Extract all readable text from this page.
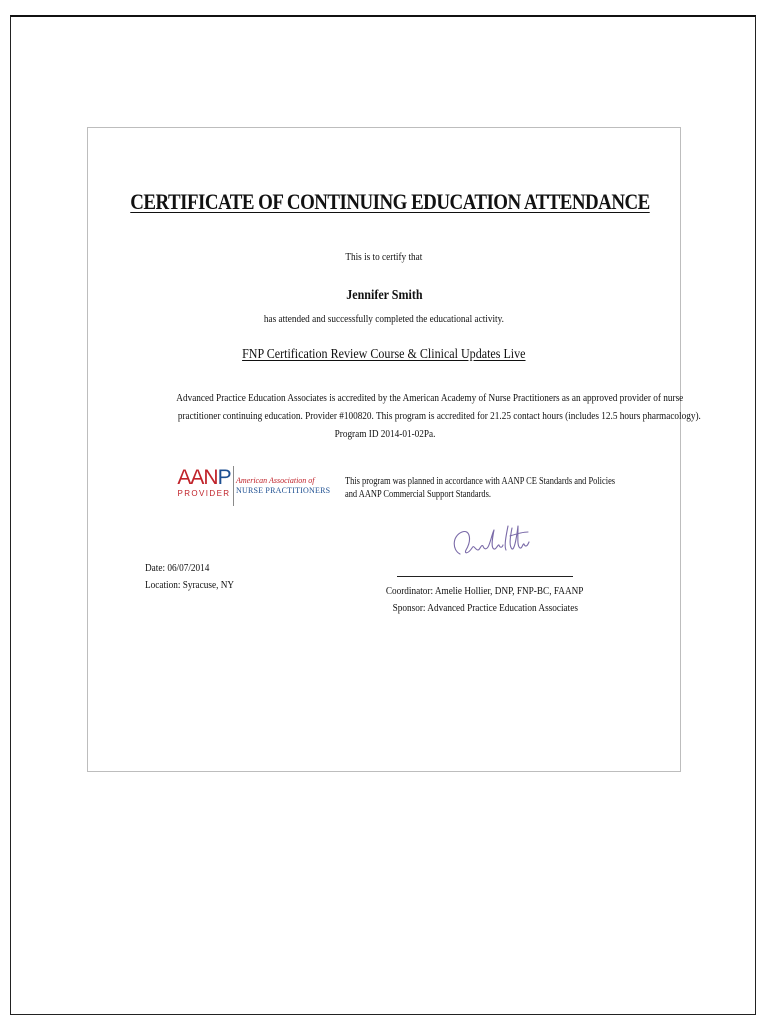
CERTIFICATE OF CONTINUING EDUCATION ATTENDANCE
This is to certify that
Jennifer Smith
has attended and successfully completed the educational activity.
FNP Certification Review Course & Clinical Updates Live
Advanced Practice Education Associates is accredited by the American Academy of Nurse Practitioners as an approved provider of nurse
practitioner continuing education. Provider #100820. This program is accredited for 21.25 contact hours (includes 12.5 hours pharmacology).
Program ID 2014-01-02Pa.
AANP
PROVIDER
American Association of
NURSE PRACTITIONERS
This program was planned in accordance with AANP CE Standards and Policies
and AANP Commercial Support Standards.
Date: 06/07/2014
Location: Syracuse, NY	Coordinator: Amelie Hollier, DNP, FNP-BC, FAANP
Sponsor: Advanced Practice Education Associates
